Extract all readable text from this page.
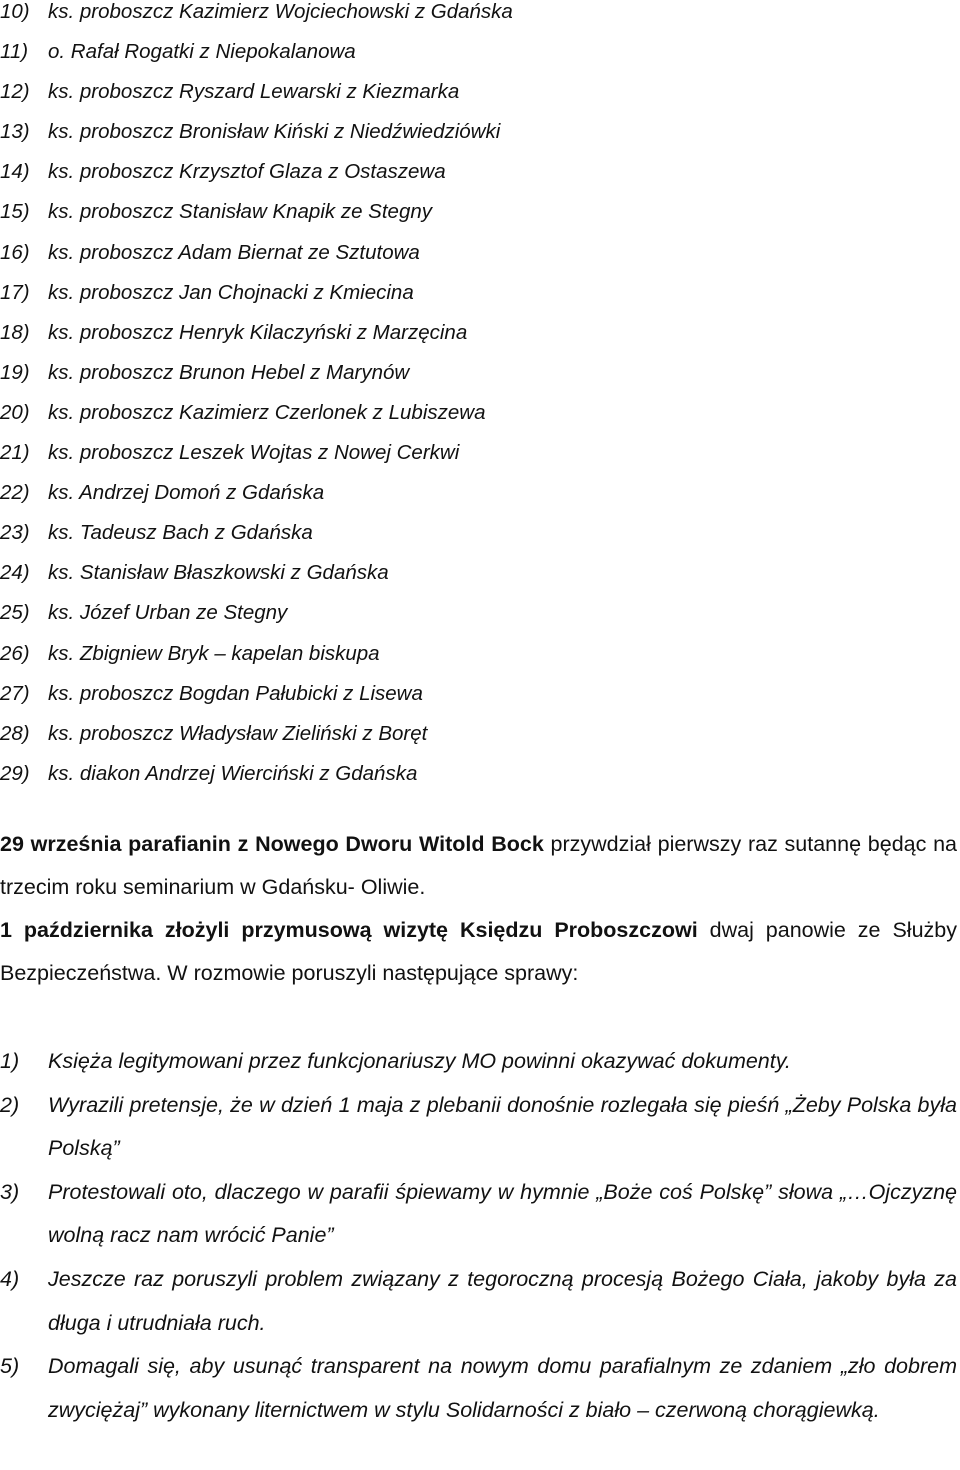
10) ks. proboszcz Kazimierz Wojciechowski z Gdańska
11) o. Rafał Rogatki z Niepokalanowa
12) ks. proboszcz Ryszard Lewarski z Kiezmarka
13) ks. proboszcz Bronisław Kiński z Niedźwiedziówki
14) ks. proboszcz Krzysztof Glaza z Ostaszewa
15) ks. proboszcz Stanisław Knapik ze Stegny
16) ks. proboszcz Adam Biernat ze Sztutowa
17) ks. proboszcz Jan Chojnacki z Kmiecina
18) ks. proboszcz Henryk Kilaczyński z Marzęcina
19) ks. proboszcz Brunon Hebel z Marynów
20) ks. proboszcz Kazimierz Czerlonek z Lubiszewa
21) ks. proboszcz Leszek Wojtas z Nowej Cerkwi
22) ks. Andrzej Domoń z Gdańska
23) ks. Tadeusz Bach z Gdańska
24) ks. Stanisław Błaszkowski z Gdańska
25) ks. Józef Urban ze Stegny
26) ks. Zbigniew Bryk – kapelan biskupa
27) ks. proboszcz Bogdan Pałubicki z Lisewa
28) ks. proboszcz Władysław Zieliński z Boręt
29) ks. diakon Andrzej Wierciński z Gdańska

29 września parafianin z Nowego Dworu Witold Bock przywdział pierwszy raz sutannę będąc na trzecim roku seminarium w Gdańsku- Oliwie.

1 października złożyli przymusową wizytę Księdzu Proboszczowi dwaj panowie ze Służby Bezpieczeństwa. W rozmowie poruszyli następujące sprawy:

1)	Księża legitymowani przez funkcjonariuszy MO powinni okazywać dokumenty.
2)	Wyrazili pretensje, że w dzień 1 maja z plebanii donośnie rozlegała się pieśń „Żeby Polska była Polską”
3)	Protestowali oto, dlaczego w parafii śpiewamy w hymnie „Boże coś Polskę” słowa „…Ojczyznę wolną racz nam wrócić Panie”
4)	Jeszcze raz poruszyli problem związany z tegoroczną procesją Bożego Ciała, jakoby była za długa i utrudniała ruch.
5)	Domagali się, aby usunąć transparent na nowym domu parafialnym ze zdaniem „zło dobrem zwyciężaj” wykonany liternictwem w stylu Solidarności z biało – czerwoną chorągiewką.
